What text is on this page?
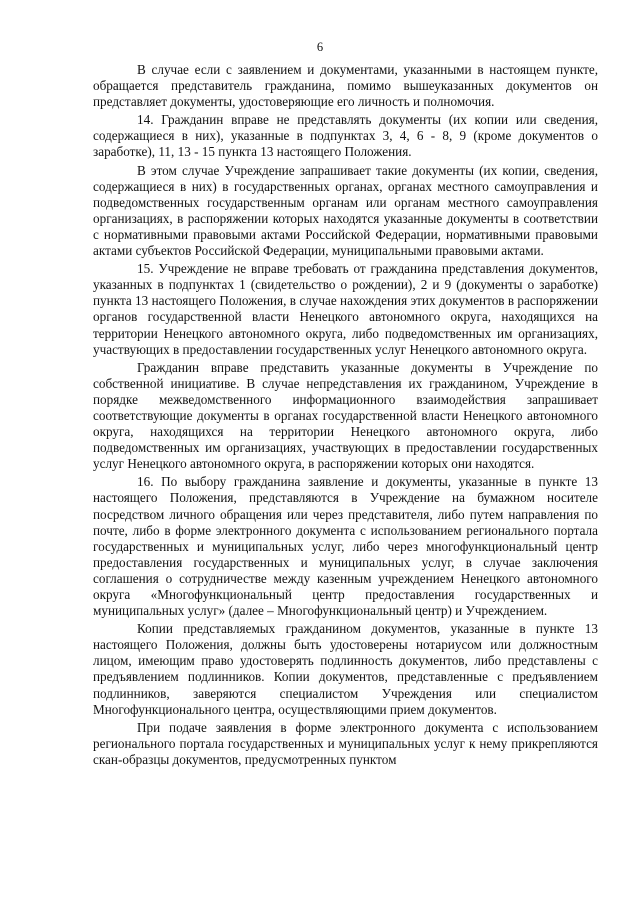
6

В случае если с заявлением и документами, указанными в настоящем пункте, обращается представитель гражданина, помимо вышеуказанных документов он представляет документы, удостоверяющие его личность и полномочия.

14. Гражданин вправе не представлять документы (их копии или сведения, содержащиеся в них), указанные в подпунктах 3, 4, 6 - 8, 9 (кроме документов о заработке), 11, 13 - 15 пункта 13 настоящего Положения.

В этом случае Учреждение запрашивает такие документы (их копии, сведения, содержащиеся в них) в государственных органах, органах местного самоуправления и подведомственных государственным органам или органам местного самоуправления организациях, в распоряжении которых находятся указанные документы в соответствии с нормативными правовыми актами Российской Федерации, нормативными правовыми актами субъектов Российской Федерации, муниципальными правовыми актами.

15. Учреждение не вправе требовать от гражданина представления документов, указанных в подпунктах 1 (свидетельство о рождении), 2 и 9 (документы о заработке) пункта 13 настоящего Положения, в случае нахождения этих документов в распоряжении органов государственной власти Ненецкого автономного округа, находящихся на территории Ненецкого автономного округа, либо подведомственных им организациях, участвующих в предоставлении государственных услуг Ненецкого автономного округа.

Гражданин вправе представить указанные документы в Учреждение по собственной инициативе. В случае непредставления их гражданином, Учреждение в порядке межведомственного информационного взаимодействия запрашивает соответствующие документы в органах государственной власти Ненецкого автономного округа, находящихся на территории Ненецкого автономного округа, либо подведомственных им организациях, участвующих в предоставлении государственных услуг Ненецкого автономного округа, в распоряжении которых они находятся.

16. По выбору гражданина заявление и документы, указанные в пункте 13 настоящего Положения, представляются в Учреждение на бумажном носителе посредством личного обращения или через представителя, либо путем направления по почте, либо в форме электронного документа с использованием регионального портала государственных и муниципальных услуг, либо через многофункциональный центр предоставления государственных и муниципальных услуг, в случае заключения соглашения о сотрудничестве между казенным учреждением Ненецкого автономного округа «Многофункциональный центр предоставления государственных и муниципальных услуг» (далее – Многофункциональный центр) и Учреждением.

Копии представляемых гражданином документов, указанные в пункте 13 настоящего Положения, должны быть удостоверены нотариусом или должностным лицом, имеющим право удостоверять подлинность документов, либо представлены с предъявлением подлинников. Копии документов, представленные с предъявлением подлинников, заверяются специалистом Учреждения или специалистом Многофункционального центра, осуществляющими прием документов.

При подаче заявления в форме электронного документа с использованием регионального портала государственных и муниципальных услуг к нему прикрепляются скан-образцы документов, предусмотренных пунктом
